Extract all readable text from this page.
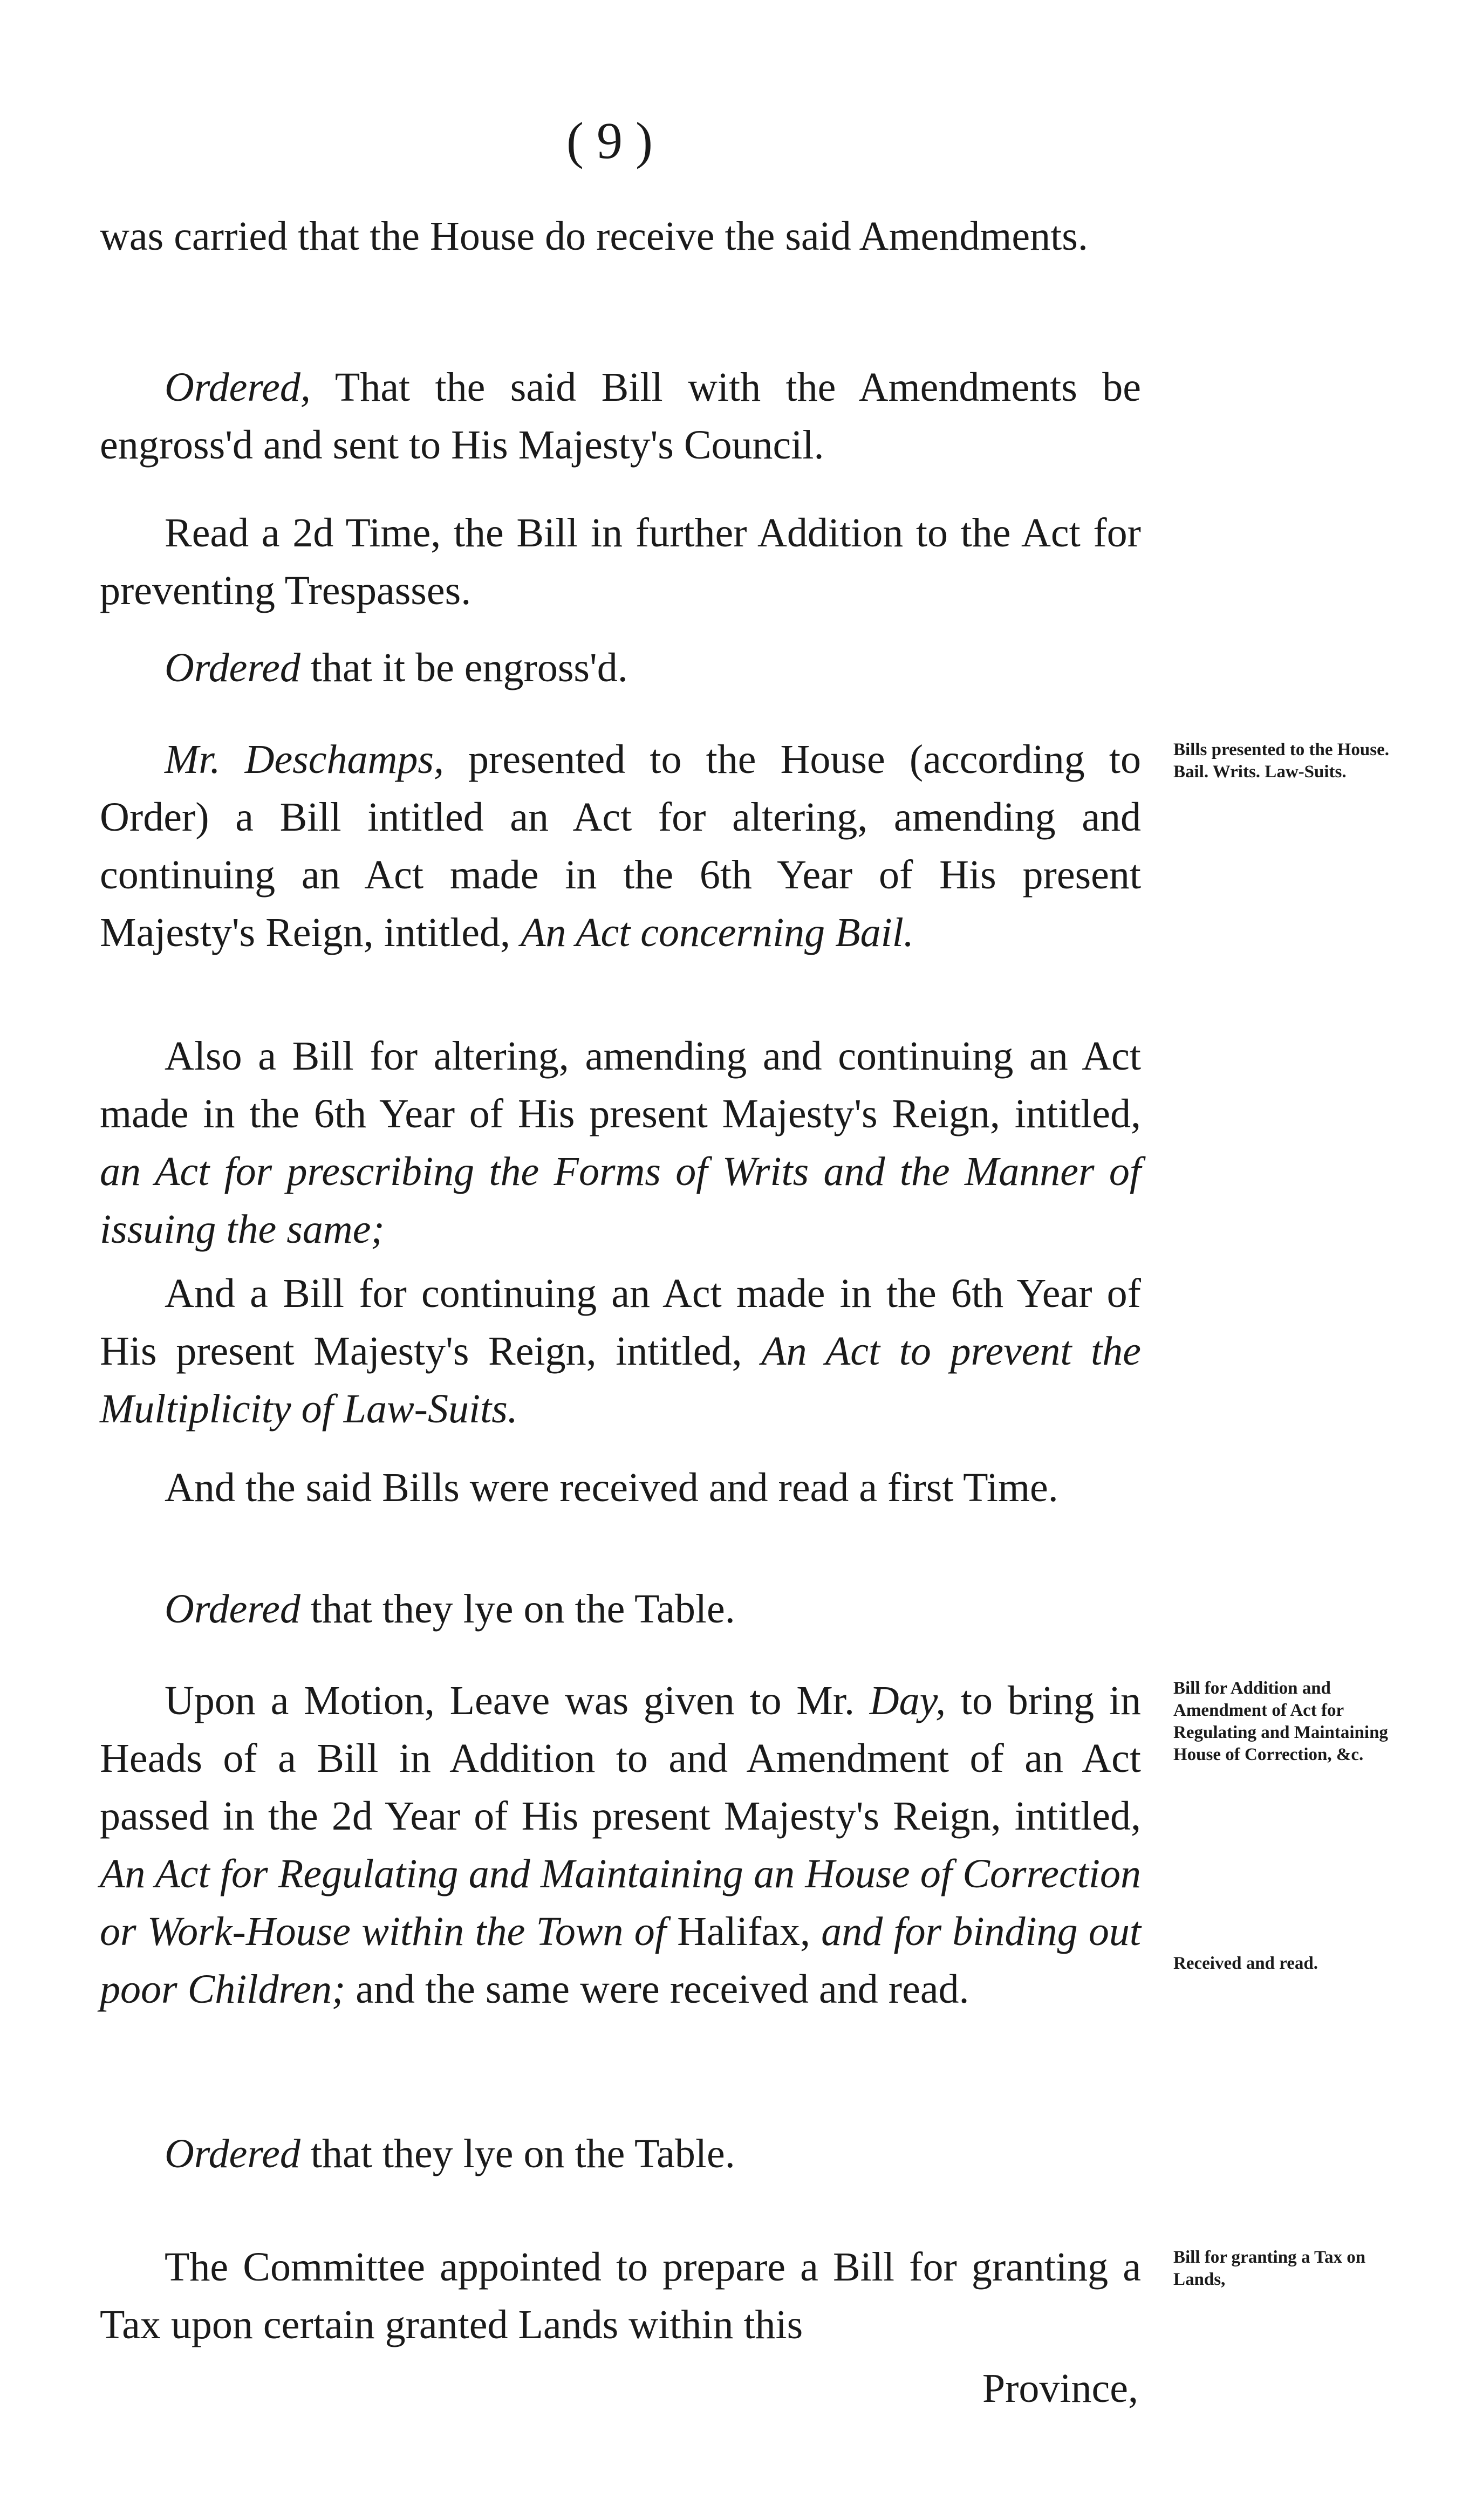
( 9 )

was carried that the House do receive the said Amendments.

Ordered, That the said Bill with the Amendments be engross'd and sent to His Majesty's Council.

Read a 2d Time, the Bill in further Addition to the Act for preventing Trespasses.

Ordered that it be engross'd.

Mr. Deschamps, presented to the House (according to Order) a Bill intitled an Act for altering, amending and continuing an Act made in the 6th Year of His present Majesty's Reign, intitled, An Act concerning Bail.

Also a Bill for altering, amending and continuing an Act made in the 6th Year of His present Majesty's Reign, intitled, an Act for prescribing the Forms of Writs and the Manner of issuing the same;

And a Bill for continuing an Act made in the 6th Year of His present Majesty's Reign, intitled, An Act to prevent the Multiplicity of Law-Suits.

And the said Bills were received and read a first Time.

Ordered that they lye on the Table.

Upon a Motion, Leave was given to Mr. Day, to bring in Heads of a Bill in Addition to and Amendment of an Act passed in the 2d Year of His present Majesty's Reign, intitled, An Act for Regulating and Maintaining an House of Correction or Work-House within the Town of Halifax, and for binding out poor Children; and the same were received and read.

Ordered that they lye on the Table.

The Committee appointed to prepare a Bill for granting a Tax upon certain granted Lands within this

Province,

Bills presented to the House. Bail. Writs. Law-Suits.

Bill for Addition and Amendment of Act for Regulating and Maintaining House of Correction, &c.

Received and read.

Bill for granting a Tax on Lands,
